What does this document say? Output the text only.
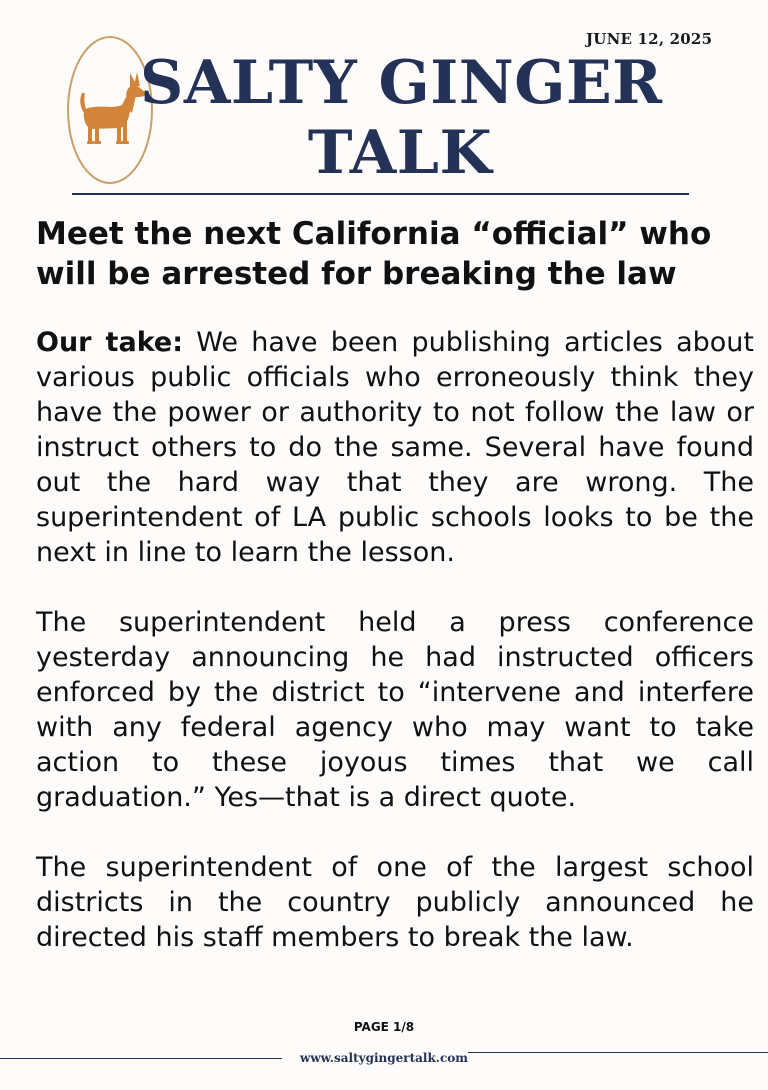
JUNE 12, 2025
SALTY GINGER
TALK
Meet the next California “official” who will be arrested for breaking the law

Our take: We have been publishing articles about various public officials who erroneously think they have the power or authority to not follow the law or instruct others to do the same. Several have found out the hard way that they are wrong. The superintendent of LA public schools looks to be the next in line to learn the lesson.

The superintendent held a press conference yesterday announcing he had instructed officers enforced by the district to “intervene and interfere with any federal agency who may want to take action to these joyous times that we call graduation.” Yes—that is a direct quote.

The superintendent of one of the largest school districts in the country publicly announced he directed his staff members to break the law.

PAGE 1/8
www.saltygingertalk.com
